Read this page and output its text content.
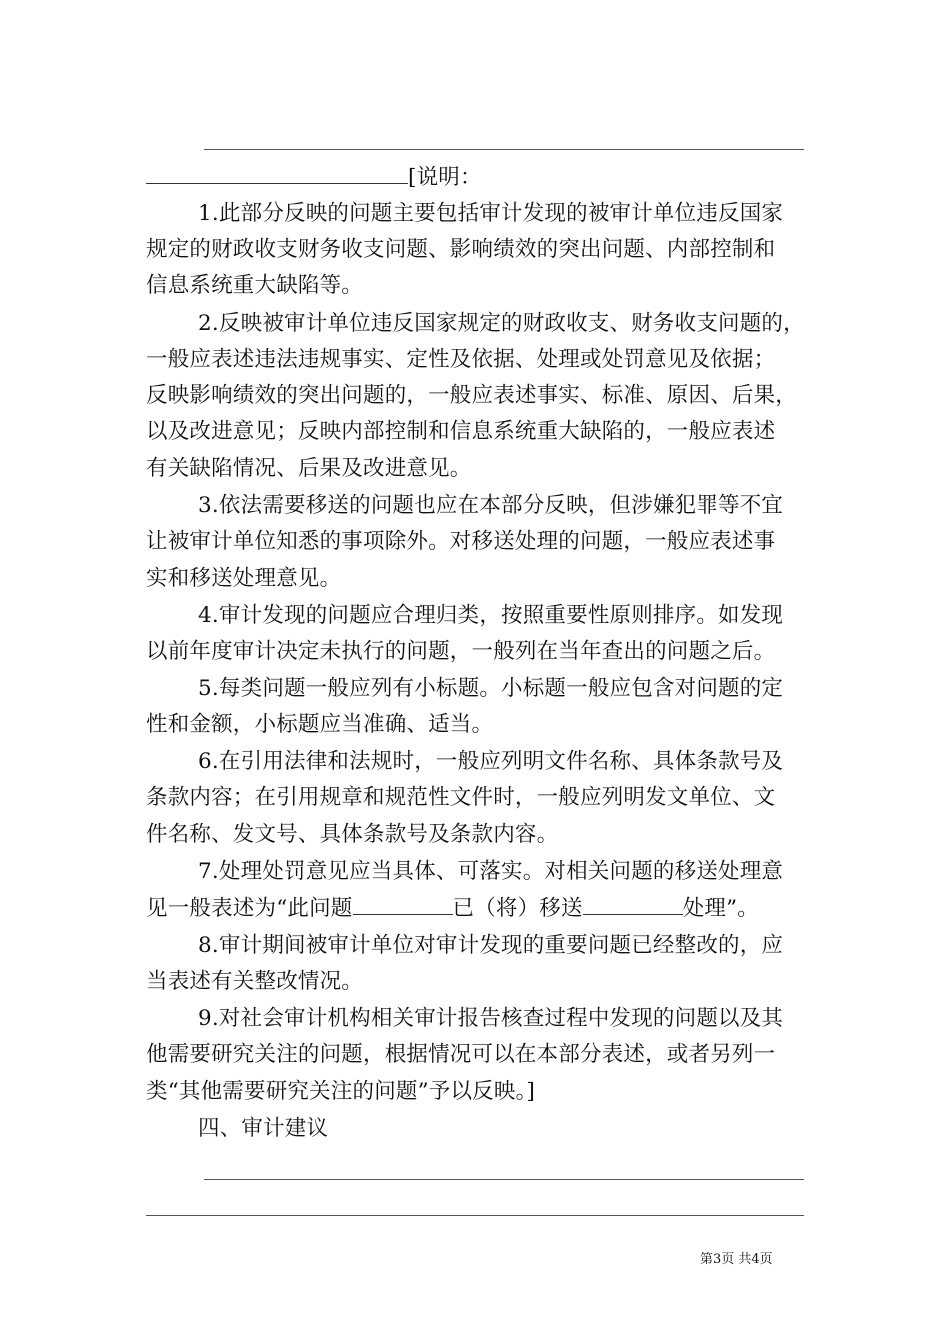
[说明：
1.此部分反映的问题主要包括审计发现的被审计单位违反国家
规定的财政收支财务收支问题、影响绩效的突出问题、内部控制和
信息系统重大缺陷等。
2.反映被审计单位违反国家规定的财政收支、财务收支问题的，
一般应表述违法违规事实、定性及依据、处理或处罚意见及依据；
反映影响绩效的突出问题的，一般应表述事实、标准、原因、后果，
以及改进意见；反映内部控制和信息系统重大缺陷的，一般应表述
有关缺陷情况、后果及改进意见。
3.依法需要移送的问题也应在本部分反映，但涉嫌犯罪等不宜
让被审计单位知悉的事项除外。对移送处理的问题，一般应表述事
实和移送处理意见。
4.审计发现的问题应合理归类，按照重要性原则排序。如发现
以前年度审计决定未执行的问题，一般列在当年查出的问题之后。
5.每类问题一般应列有小标题。小标题一般应包含对问题的定
性和金额，小标题应当准确、适当。
6.在引用法律和法规时，一般应列明文件名称、具体条款号及
条款内容；在引用规章和规范性文件时，一般应列明发文单位、文
件名称、发文号、具体条款号及条款内容。
7.处理处罚意见应当具体、可落实。对相关问题的移送处理意
见一般表述为“此问题	已（将）移送	处理”。
8.审计期间被审计单位对审计发现的重要问题已经整改的，应
当表述有关整改情况。
9.对社会审计机构相关审计报告核查过程中发现的问题以及其
他需要研究关注的问题，根据情况可以在本部分表述，或者另列一
类“其他需要研究关注的问题”予以反映。]
四、审计建议
第3页 共4页
